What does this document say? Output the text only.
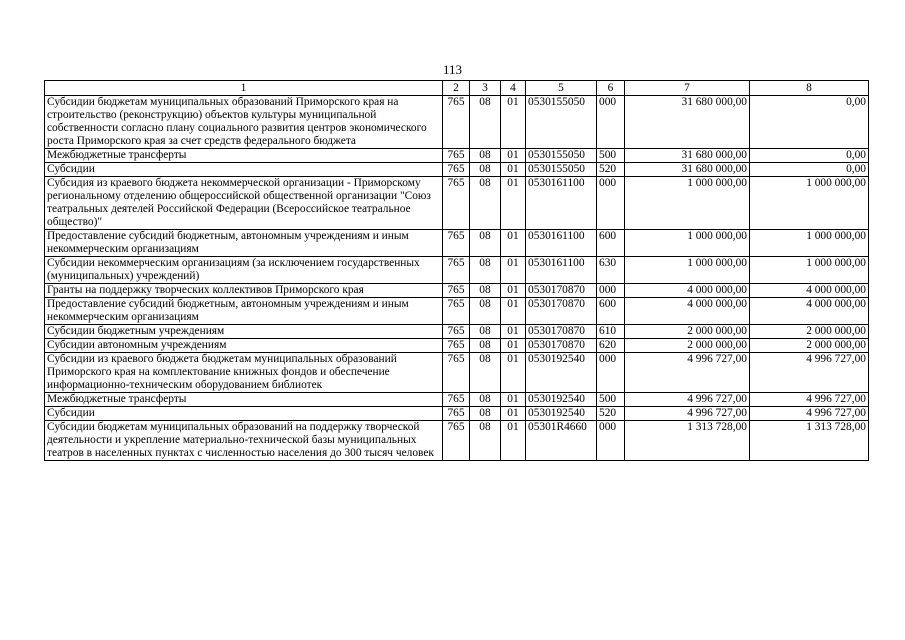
113
1	2	3	4	5	6	7	8
Субсидии бюджетам муниципальных образований Приморского края на строительство (реконструкцию) объектов культуры муниципальной собственности согласно плану социального развития центров экономического роста Приморского края за счет средств федерального бюджета	765	08	01	0530155050	000	31 680 000,00	0,00
Межбюджетные трансферты	765	08	01	0530155050	500	31 680 000,00	0,00
Субсидии	765	08	01	0530155050	520	31 680 000,00	0,00
Субсидия из краевого бюджета некоммерческой организации - Приморскому региональному отделению общероссийской общественной организации "Союз театральных деятелей Российской Федерации (Всероссийское театральное общество)"	765	08	01	0530161100	000	1 000 000,00	1 000 000,00
Предоставление субсидий бюджетным, автономным учреждениям и иным некоммерческим организациям	765	08	01	0530161100	600	1 000 000,00	1 000 000,00
Субсидии некоммерческим организациям (за исключением государственных (муниципальных) учреждений)	765	08	01	0530161100	630	1 000 000,00	1 000 000,00
Гранты на поддержку творческих коллективов Приморского края	765	08	01	0530170870	000	4 000 000,00	4 000 000,00
Предоставление субсидий бюджетным, автономным учреждениям и иным некоммерческим организациям	765	08	01	0530170870	600	4 000 000,00	4 000 000,00
Субсидии бюджетным учреждениям	765	08	01	0530170870	610	2 000 000,00	2 000 000,00
Субсидии автономным учреждениям	765	08	01	0530170870	620	2 000 000,00	2 000 000,00
Субсидии из краевого бюджета бюджетам муниципальных образований Приморского края на комплектование книжных фондов и обеспечение информационно-техническим оборудованием библиотек	765	08	01	0530192540	000	4 996 727,00	4 996 727,00
Межбюджетные трансферты	765	08	01	0530192540	500	4 996 727,00	4 996 727,00
Субсидии	765	08	01	0530192540	520	4 996 727,00	4 996 727,00
Субсидии бюджетам муниципальных образований на поддержку творческой деятельности и укрепление материально-технической базы муниципальных театров в населенных пунктах с численностью населения до 300 тысяч человек	765	08	01	05301R4660	000	1 313 728,00	1 313 728,00
